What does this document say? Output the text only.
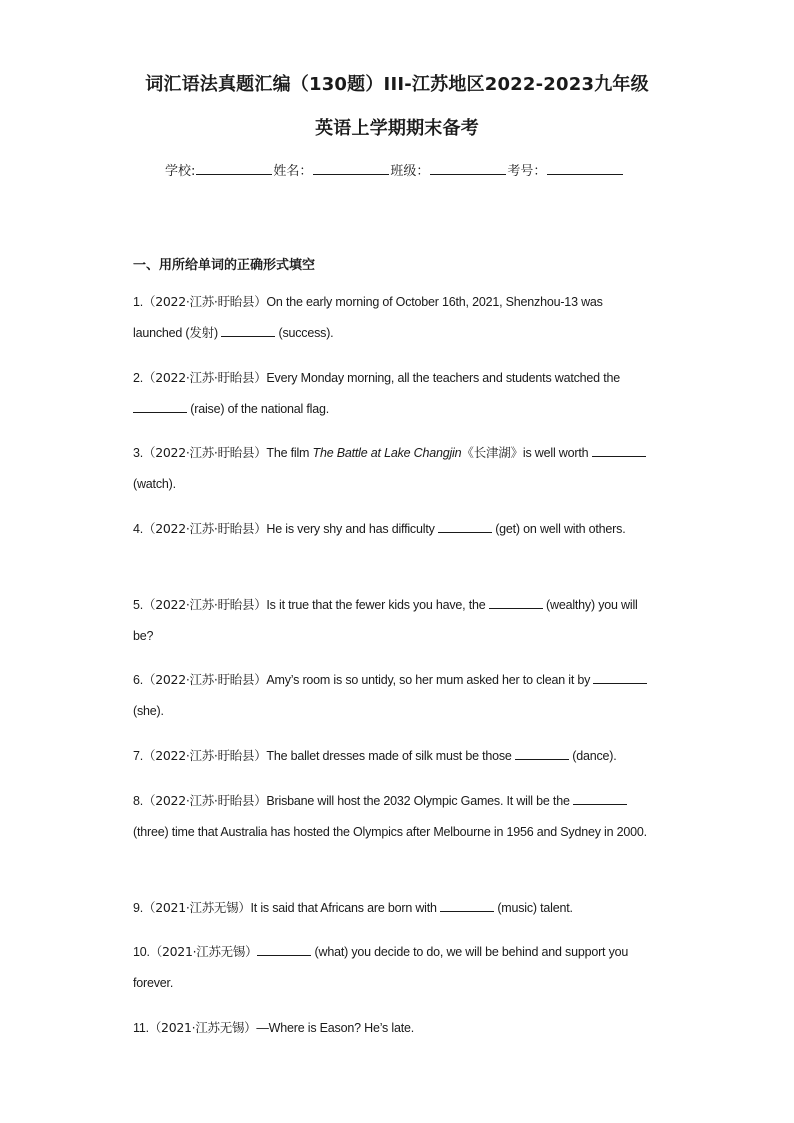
词汇语法真题汇编（130题）III-江苏地区2022-2023九年级
英语上学期期末备考
学校:	姓名：	班级：	考号：
一、用所给单词的正确形式填空
1.（2022·江苏·盱眙县）On the early morning of October 16th, 2021, Shenzhou-13 was launched (发射)	(success).
2.（2022·江苏·盱眙县）Every Monday morning, all the teachers and students watched the  (raise) of the national flag.
3.（2022·江苏·盱眙县）The film The Battle at Lake Changjin《长津湖》is well worth  (watch).
4.（2022·江苏·盱眙县）He is very shy and has difficulty	(get) on well with others.
5.（2022·江苏·盱眙县）Is it true that the fewer kids you have, the	(wealthy) you will be?
6.（2022·江苏·盱眙县）Amy’s room is so untidy, so her mum asked her to clean it by  (she).
7.（2022·江苏·盱眙县）The ballet dresses made of silk must be those	(dance).
8.（2022·江苏·盱眙县）Brisbane will host the 2032 Olympic Games. It will be the  (three) time that Australia has hosted the Olympics after Melbourne in 1956 and Sydney in 2000.
9.（2021·江苏无锡）It is said that Africans are born with	(music) talent.
10.（2021·江苏无锡）	(what) you decide to do, we will be behind and support you forever.
11.（2021·江苏无锡）—Where is Eason? He’s late.
